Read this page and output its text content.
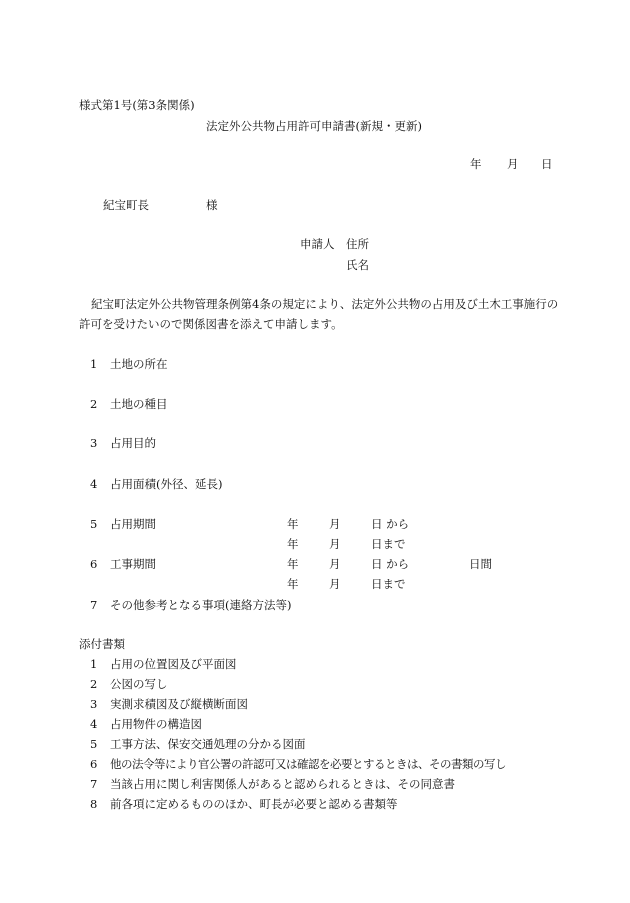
様式第1号(第3条関係)
法定外公共物占用許可申請書(新規・更新)
年 月 日
紀宝町長	様
申請人 住所
氏名
紀宝町法定外公共物管理条例第4条の規定により、法定外公共物の占用及び土木工事施行の許可を受けたいので関係図書を添えて申請します。
1 土地の所在
2 土地の種目
3 占用目的
4 占用面積(外径、延長)
5 占用期間	年	月	日 から
年	月	日まで
6 工事期間	年	月	日 から	日間
年	月	日まで
7 その他参考となる事項(連絡方法等)
添付書類
1 占用の位置図及び平面図
2 公図の写し
3 実測求積図及び縦横断面図
4 占用物件の構造図
5 工事方法、保安交通処理の分かる図面
6 他の法令等により官公署の許認可又は確認を必要とするときは、その書類の写し
7 当該占用に関し利害関係人があると認められるときは、その同意書
8 前各項に定めるもののほか、町長が必要と認める書類等
